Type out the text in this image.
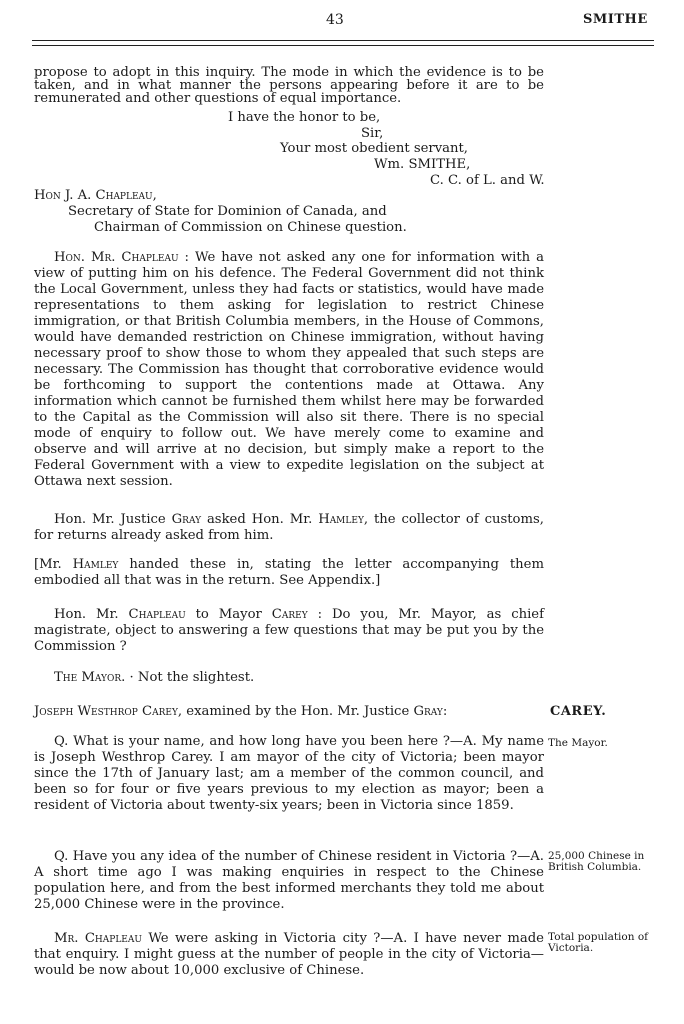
43	SMITHE

propose to adopt in this inquiry. The mode in which the evidence is to be taken, and in what manner the persons appearing before it are to be remunerated and other questions of equal importance.

I have the honor to be,
Sir,
Your most obedient servant,
Wm. SMITHE,
C. C. of L. and W.
Hon J. A. Chapleau,
Secretary of State for Dominion of Canada, and
Chairman of Commission on Chinese question.

Hon. Mr. Chapleau : We have not asked any one for information with a view of putting him on his defence. The Federal Government did not think the Local Government, unless they had facts or statistics, would have made representations to them asking for legislation to restrict Chinese immigration, or that British Columbia members, in the House of Commons, would have demanded restriction on Chinese immigration, without having necessary proof to show those to whom they appealed that such steps are necessary. The Commission has thought that corroborative evidence would be forthcoming to support the contentions made at Ottawa. Any information which cannot be furnished them whilst here may be forwarded to the Capital as the Commission will also sit there. There is no special mode of enquiry to follow out. We have merely come to examine and observe and will arrive at no decision, but simply make a report to the Federal Government with a view to expedite legislation on the subject at Ottawa next session.

Hon. Mr. Justice Gray asked Hon. Mr. Hamley, the collector of customs, for returns already asked from him.

[Mr. Hamley handed these in, stating the letter accompanying them embodied all that was in the return. See Appendix.]

Hon. Mr. Chapleau to Mayor Carey : Do you, Mr. Mayor, as chief magistrate, object to answering a few questions that may be put you by the Commission ?

The Mayor. · Not the slightest.

Joseph Westhrop Carey, examined by the Hon. Mr. Justice Gray:	CAREY.

Q. What is your name, and how long have you been here ?—A. My name is Joseph Westhrop Carey. I am mayor of the city of Victoria; been mayor since the 17th of January last; am a member of the common council, and been so for four or five years previous to my election as mayor; been a resident of Victoria about twenty-six years; been in Victoria since 1859.

The Mayor.

Q. Have you any idea of the number of Chinese resident in Victoria ?—A. A short time ago I was making enquiries in respect to the Chinese population here, and from the best informed merchants they told me about 25,000 Chinese were in the province.

25,000 Chinese in British Columbia.

Mr. Chapleau We were asking in Victoria city ?—A. I have never made that enquiry. I might guess at the number of people in the city of Victoria—would be now about 10,000 exclusive of Chinese.

Total population of Victoria.
